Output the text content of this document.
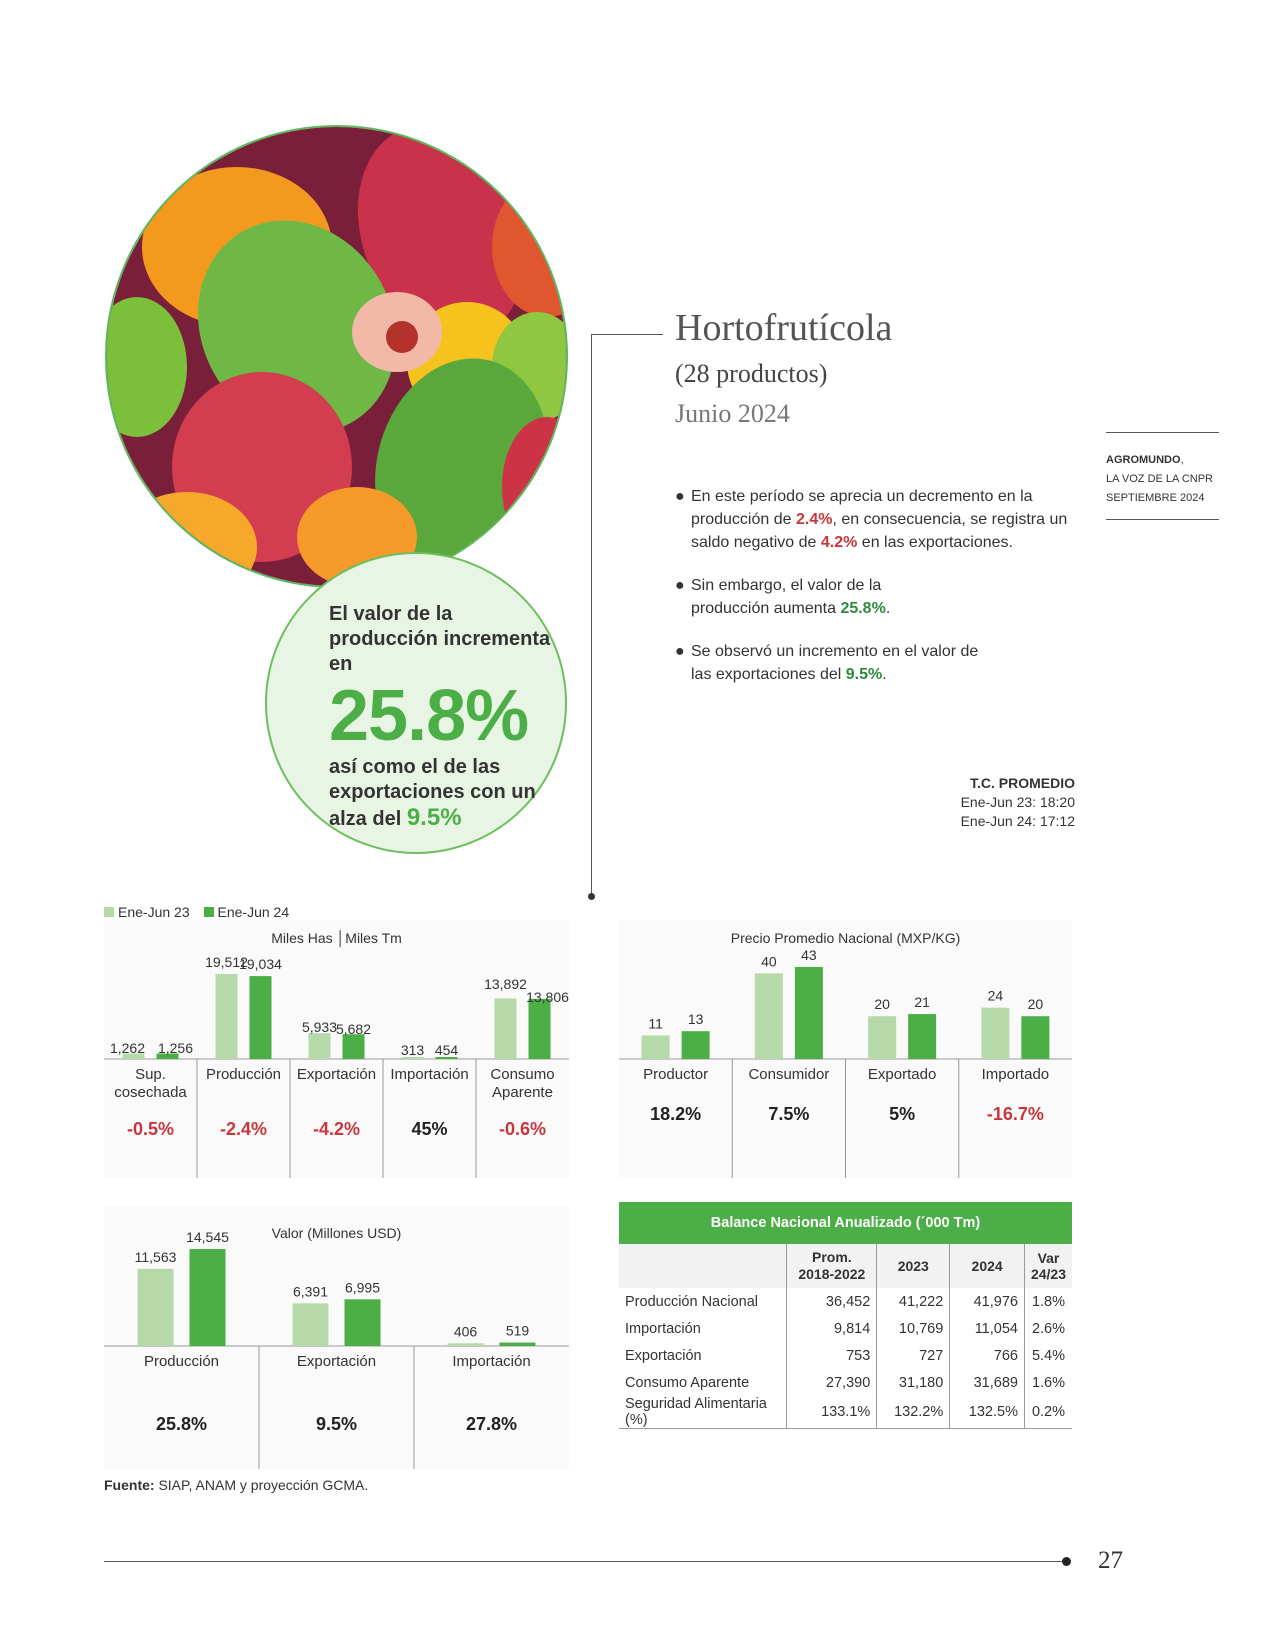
El valor de la producción incrementa en
25.8%
así como el de las exportaciones con un alza del 9.5%
Hortofrutícola
(28 productos)
Junio 2024
AGROMUNDO,
LA VOZ DE LA CNPR
SEPTIEMBRE 2024
● En este período se aprecia un decremento en la producción de 2.4%, en consecuencia, se registra un saldo negativo de 4.2% en las exportaciones.
● Sin embargo, el valor de la producción aumenta 25.8%.
● Se observó un incremento en el valor de las exportaciones del 9.5%.
T.C. PROMEDIO
Ene-Jun 23: 18:20
Ene-Jun 24: 17:12
Ene-Jun 23 Ene-Jun 24
Miles Has │Miles Tm
1,262 1,256
Sup.
cosechada
-0.5%
19,512
19,034
Producción
-2.4%
5,933
5,682
Exportación
-4.2%
313 454
Importación
45%
13,892
13,806
Consumo
Aparente
-0.6%
Precio Promedio Nacional (MXP/KG)
11 13
Productor
18.2%
40 43
Consumidor
7.5%
20 21
Exportado
5%
24
20
Importado
-16.7%
Valor (Millones USD)
11,563
14,545
Producción
25.8%
6,391 6,995
Exportación
9.5%
406 519
Importación
27.8%
Balance Nacional Anualizado (´000 Tm)
	Prom. 2018-2022	2023	2024	Var 24/23
Producción Nacional	36,452	41,222	41,976	1.8%
Importación	9,814	10,769	11,054	2.6%
Exportación	753	727	766	5.4%
Consumo Aparente	27,390	31,180	31,689	1.6%
Seguridad Alimentaria (%)	133.1%	132.2%	132.5%	0.2%
Fuente: SIAP, ANAM y proyección GCMA.
27
